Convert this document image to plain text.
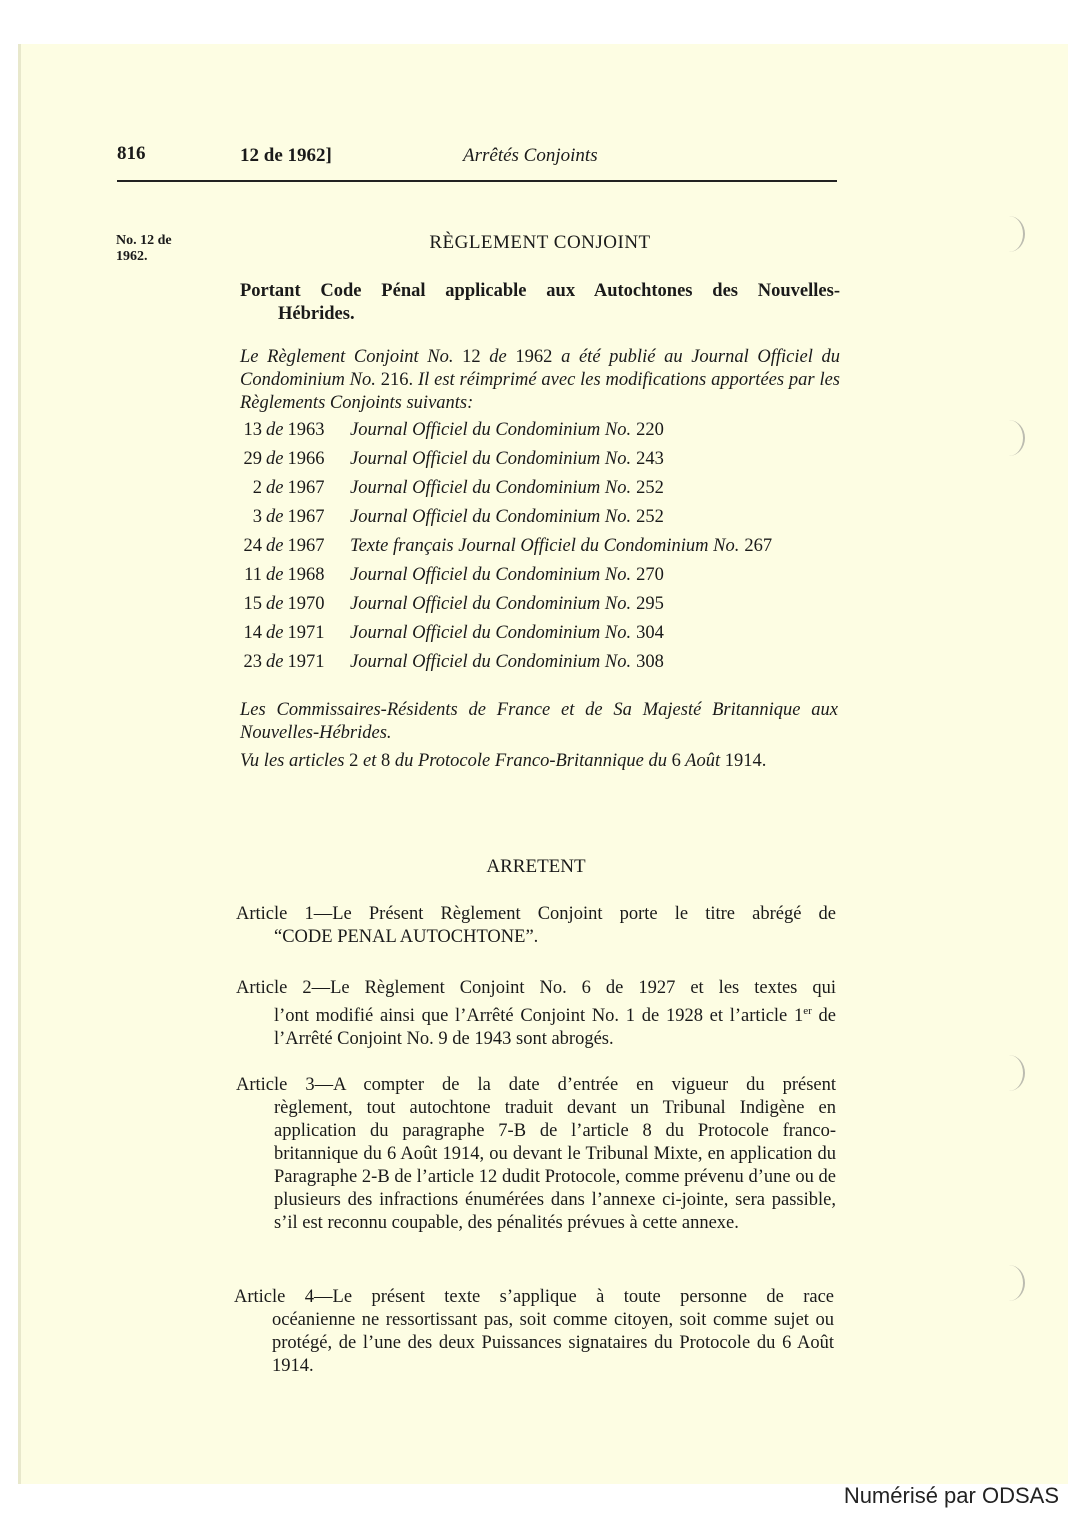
816	12 de 1962]	Arrêtés Conjoints
No. 12 de
1962.
RÈGLEMENT CONJOINT
Portant Code Pénal applicable aux Autochtones des Nouvelles-
Hébrides.
Le Règlement Conjoint No. 12 de 1962 a été publié au Journal Officiel du Condominium No. 216. Il est réimprimé avec les modifications apportées par les Règlements Conjoints suivants:
13 de 1963	Journal Officiel du Condominium No. 220
29 de 1966	Journal Officiel du Condominium No. 243
2 de 1967	Journal Officiel du Condominium No. 252
3 de 1967	Journal Officiel du Condominium No. 252
24 de 1967	Texte français Journal Officiel du Condominium No. 267
11 de 1968	Journal Officiel du Condominium No. 270
15 de 1970	Journal Officiel du Condominium No. 295
14 de 1971	Journal Officiel du Condominium No. 304
23 de 1971	Journal Officiel du Condominium No. 308
Les Commissaires-Résidents de France et de Sa Majesté Britannique aux Nouvelles-Hébrides.
Vu les articles 2 et 8 du Protocole Franco-Britannique du 6 Août 1914.
ARRETENT
Article 1—Le Présent Règlement Conjoint porte le titre abrégé de
“CODE PENAL AUTOCHTONE”.
Article 2—Le Règlement Conjoint No. 6 de 1927 et les textes qui
l’ont modifié ainsi que l’Arrêté Conjoint No. 1 de 1928 et l’article 1er de l’Arrêté Conjoint No. 9 de 1943 sont abrogés.
Article 3—A compter de la date d’entrée en vigueur du présent
règlement, tout autochtone traduit devant un Tribunal Indigène en application du paragraphe 7-B de l’article 8 du Protocole franco-britannique du 6 Août 1914, ou devant le Tribunal Mixte, en application du Paragraphe 2-B de l’article 12 dudit Protocole, comme prévenu d’une ou de plusieurs des infractions énumérées dans l’annexe ci-jointe, sera passible, s’il est reconnu coupable, des pénalités prévues à cette annexe.
Article 4—Le présent texte s’applique à toute personne de race
océanienne ne ressortissant pas, soit comme citoyen, soit comme sujet ou protégé, de l’une des deux Puissances signataires du Protocole du 6 Août 1914.
Numérisé par ODSAS
